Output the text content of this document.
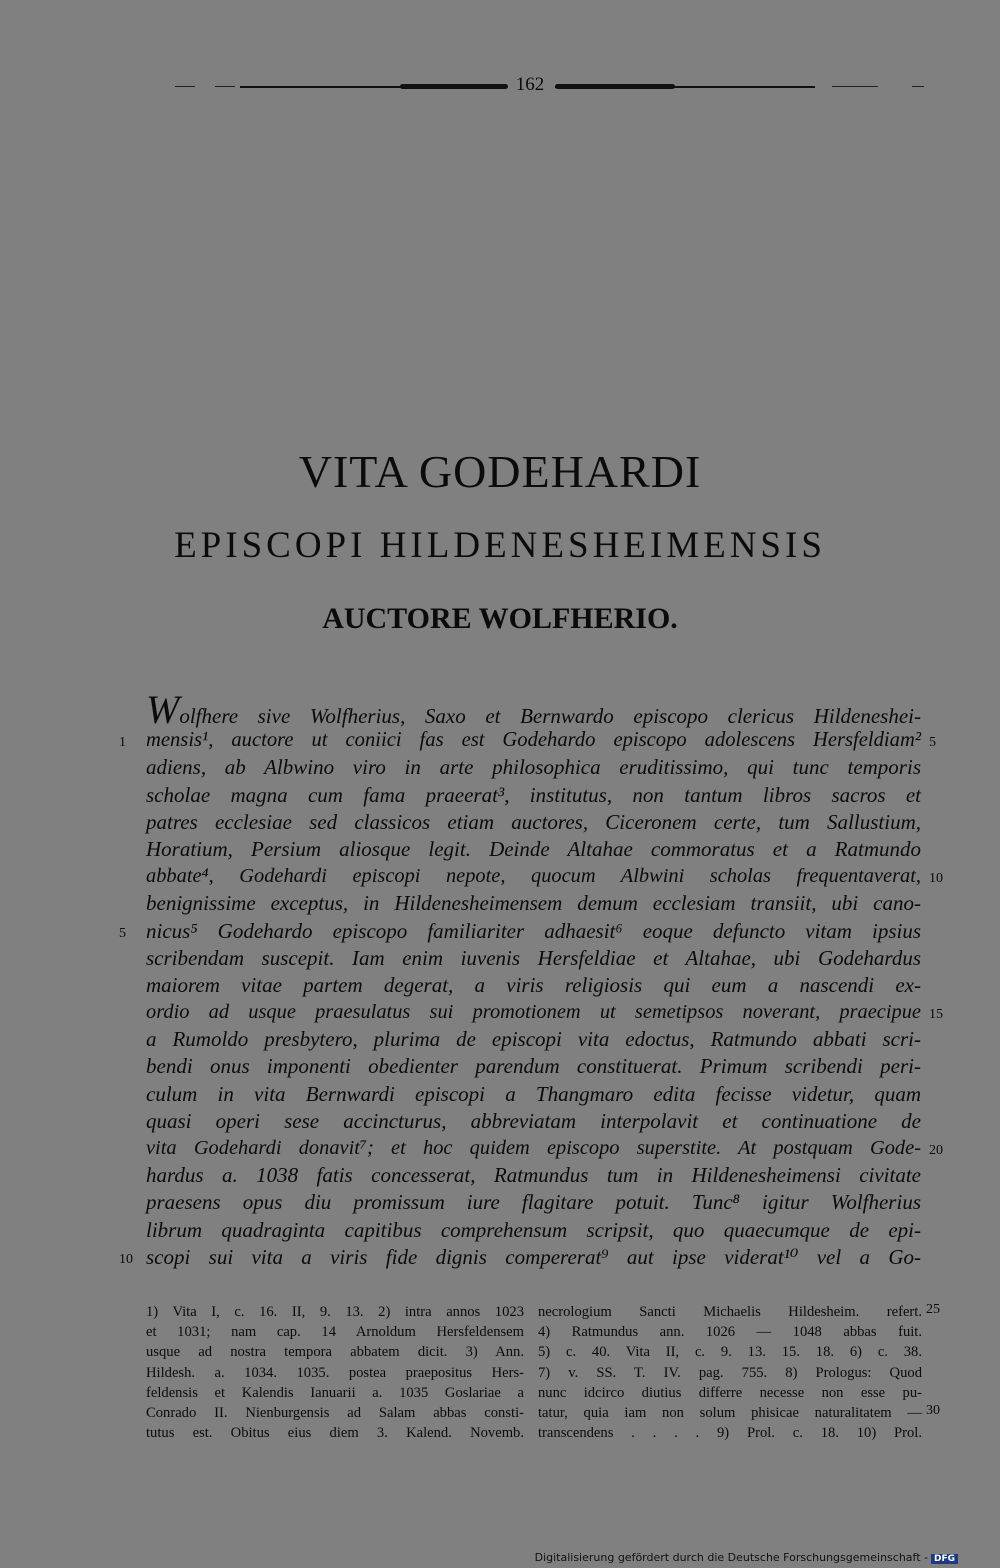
162
VITA GODEHARDI
EPISCOPI HILDENESHEIMENSIS
AUCTORE WOLFHERIO.
Wolfhere sive Wolfherius, Saxo et Bernwardo episcopo clericus Hildeneshei-
mensis¹, auctore ut coniici fas est Godehardo episcopo adolescens Hersfeldiam²
1	5
adiens, ab Albwino viro in arte philosophica eruditissimo, qui tunc temporis
scholae magna cum fama praeerat³, institutus, non tantum libros sacros et
patres ecclesiae sed classicos etiam auctores, Ciceronem certe, tum Sallustium,
Horatium, Persium aliosque legit. Deinde Altahae commoratus et a Ratmundo
abbate⁴, Godehardi episcopi nepote, quocum Albwini scholas frequentaverat, 10
benignissime exceptus, in Hildenesheimensem demum ecclesiam transiit, ubi cano-
nicus⁵ Godehardo episcopo familiariter adhaesit⁶ eoque defuncto vitam ipsius
5
scribendam suscepit. Iam enim iuvenis Hersfeldiae et Altahae, ubi Godehardus
maiorem vitae partem degerat, a viris religiosis qui eum a nascendi ex-
ordio ad usque praesulatus sui promotionem ut semetipsos noverant, praecipue 15
a Rumoldo presbytero, plurima de episcopi vita edoctus, Ratmundo abbati scri-
bendi onus imponenti obedienter parendum constituerat. Primum scribendi peri-
culum in vita Bernwardi episcopi a Thangmaro edita fecisse videtur, quam
quasi operi sese accincturus, abbreviatam interpolavit et continuatione de
vita Godehardi donavit⁷; et hoc quidem episcopo superstite. At postquam Gode- 20
hardus a. 1038 fatis concesserat, Ratmundus tum in Hildenesheimensi civitate
praesens opus diu promissum iure flagitare potuit. Tunc⁸ igitur Wolfherius
librum quadraginta capitibus comprehensum scripsit, quo quaecumque de epi-
scopi sui vita a viris fide dignis compererat⁹ aut ipse viderat¹⁰ vel a Go-
10
1) Vita I, c. 16. II, 9. 13. 2) intra annos 1023
et 1031; nam cap. 14 Arnoldum Hersfeldensem
usque ad nostra tempora abbatem dicit. 3) Ann.
Hildesh. a. 1034. 1035. postea praepositus Hers-
feldensis et Kalendis Ianuarii a. 1035 Goslariae a
Conrado II. Nienburgensis ad Salam abbas consti-
tutus est. Obitus eius diem 3. Kalend. Novemb.
necrologium Sancti Michaelis Hildesheim. refert.
4) Ratmundus ann. 1026 — 1048 abbas fuit.
5) c. 40. Vita II, c. 9. 13. 15. 18. 6) c. 38.
7) v. SS. T. IV. pag. 755. 8) Prologus: Quod
nunc idcirco diutius differre necesse non esse pu-
tatur, quia iam non solum phisicae naturalitatem —
transcendens . . . . 9) Prol. c. 18. 10) Prol.
25
30
Digitalisierung gefördert durch die Deutsche Forschungsgemeinschaft - DFG
